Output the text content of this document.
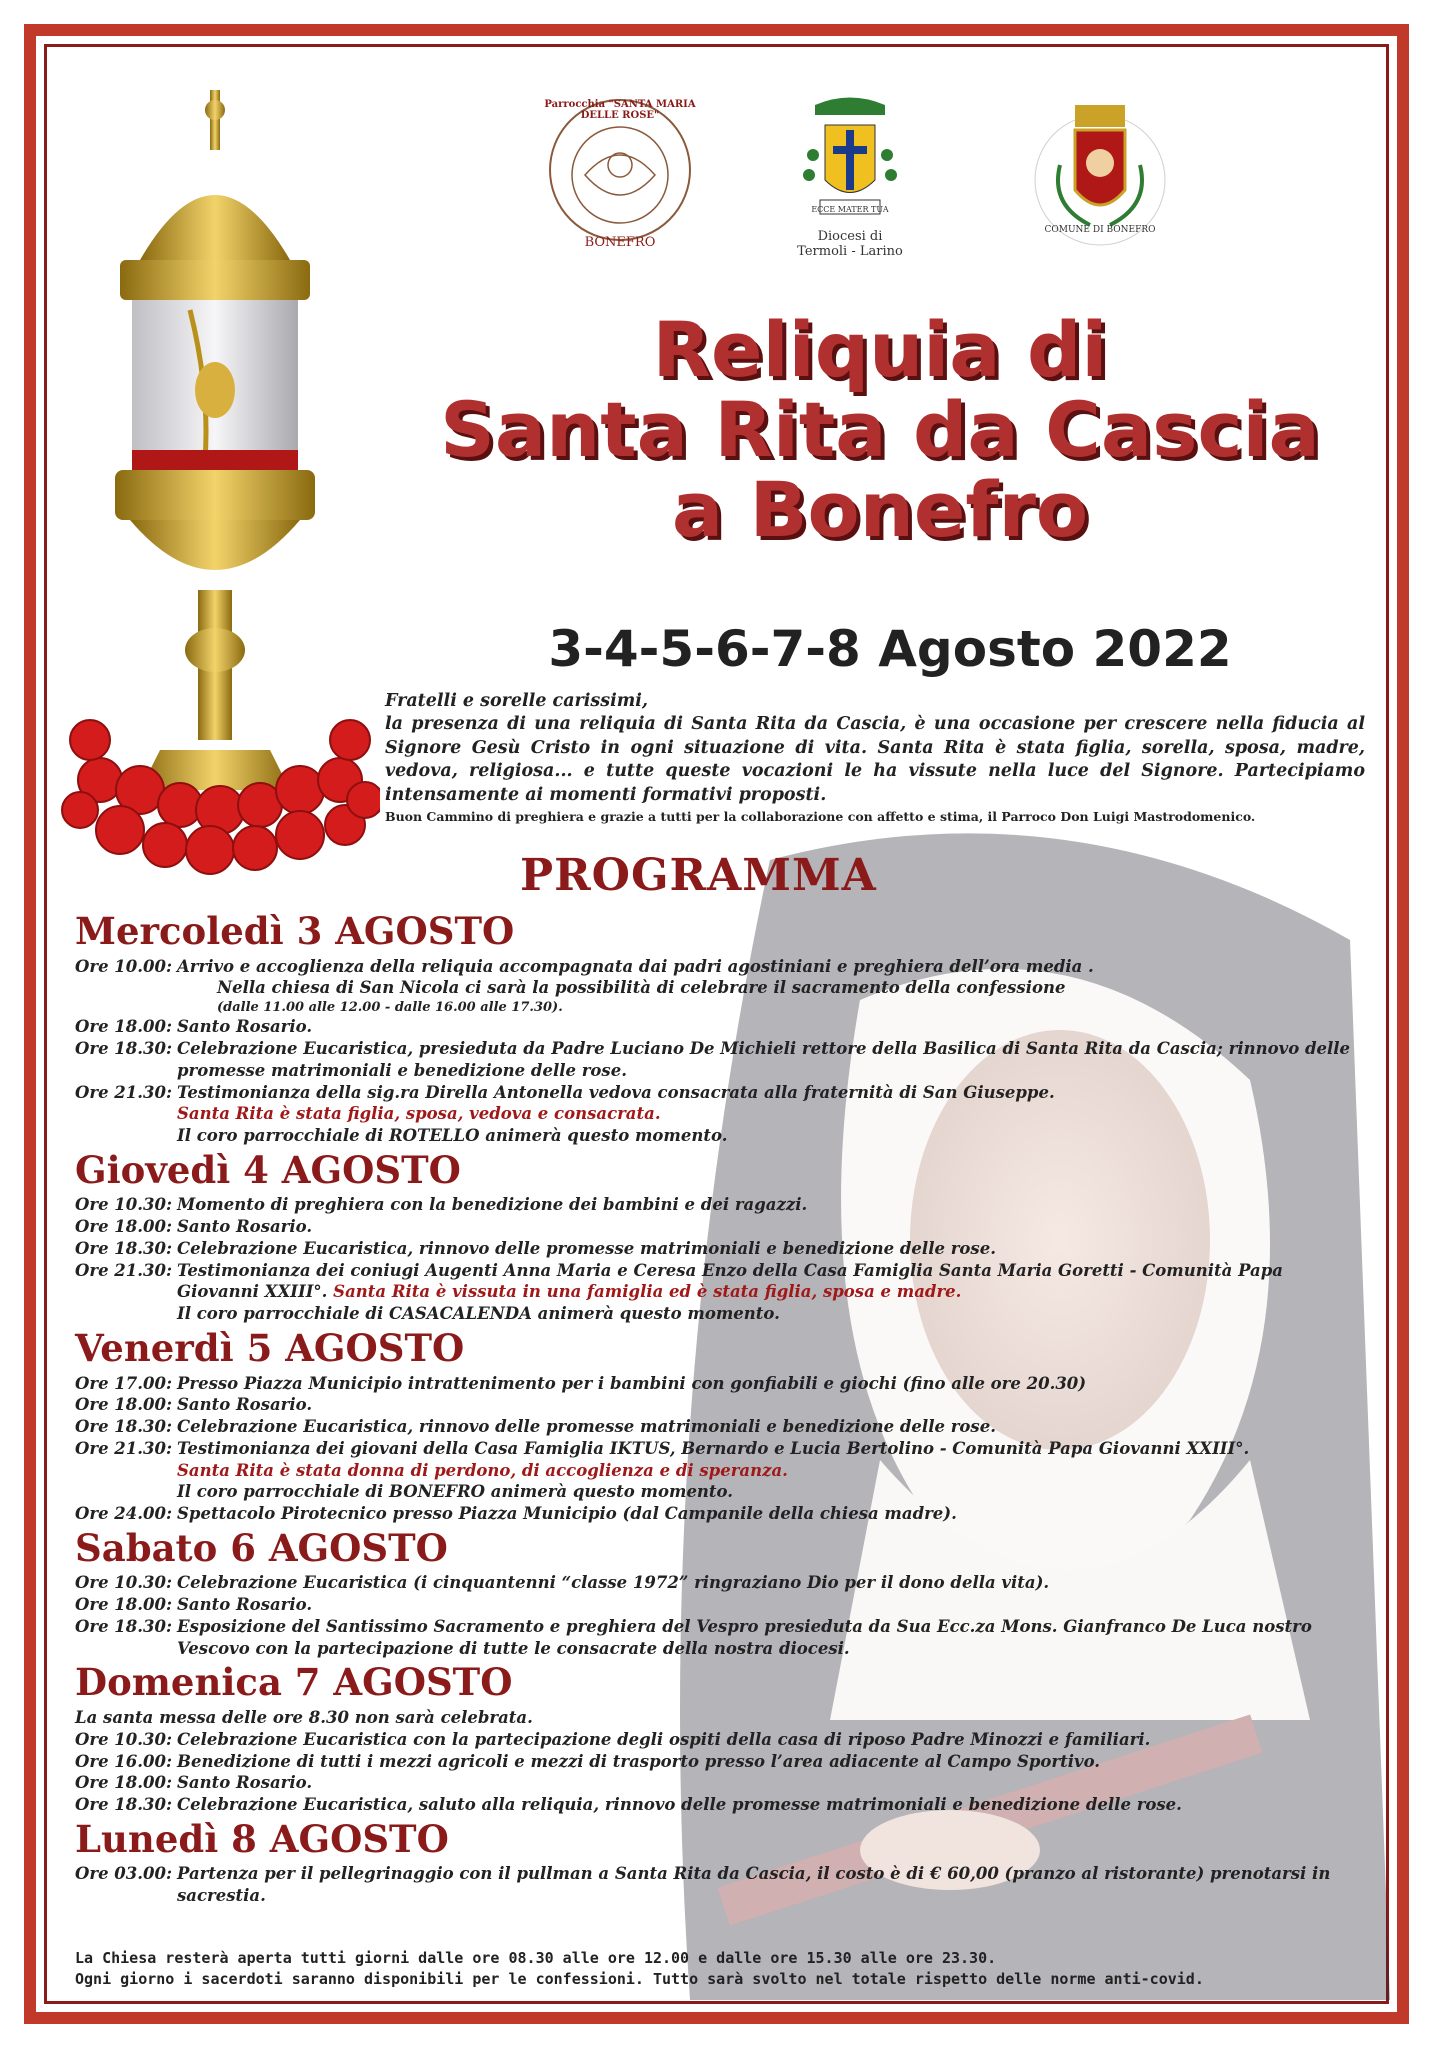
Parrocchia "SANTA MARIA DELLE ROSE"
BONEFRO
ECCE MATER TUA
Diocesi di
Termoli - Larino
COMUNE DI BONEFRO
Reliquia di
Santa Rita da Cascia
a Bonefro
3-4-5-6-7-8 Agosto 2022
Fratelli e sorelle carissimi,
la presenza di una reliquia di Santa Rita da Cascia, è una occasione per crescere nella fiducia al Signore Gesù Cristo in ogni situazione di vita. Santa Rita è stata figlia, sorella, sposa, madre, vedova, religiosa... e tutte queste vocazioni le ha vissute nella luce del Signore. Partecipiamo intensamente ai momenti formativi proposti.
Buon Cammino di preghiera e grazie a tutti per la collaborazione con affetto e stima, il Parroco Don Luigi Mastrodomenico.
PROGRAMMA
Mercoledì 3 AGOSTO
Ore 10.00: Arrivo e accoglienza della reliquia accompagnata dai padri agostiniani e preghiera dell’ora media .
Nella chiesa di San Nicola ci sarà la possibilità di celebrare il sacramento della confessione
(dalle 11.00 alle 12.00 - dalle 16.00 alle 17.30).
Ore 18.00: Santo Rosario.
Ore 18.30: Celebrazione Eucaristica, presieduta da Padre Luciano De Michieli rettore della Basilica di Santa Rita da Cascia; rinnovo delle promesse matrimoniali e benedizione delle rose.
Ore 21.30: Testimonianza della sig.ra Dirella Antonella vedova consacrata alla fraternità di San Giuseppe.
Santa Rita è stata figlia, sposa, vedova e consacrata.
Il coro parrocchiale di ROTELLO animerà questo momento.
Giovedì 4 AGOSTO
Ore 10.30: Momento di preghiera con la benedizione dei bambini e dei ragazzi.
Ore 18.00: Santo Rosario.
Ore 18.30: Celebrazione Eucaristica, rinnovo delle promesse matrimoniali e benedizione delle rose.
Ore 21.30: Testimonianza dei coniugi Augenti Anna Maria e Ceresa Enzo della Casa Famiglia Santa Maria Goretti - Comunità Papa Giovanni XXIII°. Santa Rita è vissuta in una famiglia ed è stata figlia, sposa e madre.
Il coro parrocchiale di CASACALENDA animerà questo momento.
Venerdì 5 AGOSTO
Ore 17.00: Presso Piazza Municipio intrattenimento per i bambini con gonfiabili e giochi (fino alle ore 20.30)
Ore 18.00: Santo Rosario.
Ore 18.30: Celebrazione Eucaristica, rinnovo delle promesse matrimoniali e benedizione delle rose.
Ore 21.30: Testimonianza dei giovani della Casa Famiglia IKTUS, Bernardo e Lucia Bertolino - Comunità Papa Giovanni XXIII°.
Santa Rita è stata donna di perdono, di accoglienza e di speranza.
Il coro parrocchiale di BONEFRO animerà questo momento.
Ore 24.00: Spettacolo Pirotecnico presso Piazza Municipio (dal Campanile della chiesa madre).
Sabato 6 AGOSTO
Ore 10.30: Celebrazione Eucaristica (i cinquantenni “classe 1972” ringraziano Dio per il dono della vita).
Ore 18.00: Santo Rosario.
Ore 18.30: Esposizione del Santissimo Sacramento e preghiera del Vespro presieduta da Sua Ecc.za Mons. Gianfranco De Luca nostro Vescovo con la partecipazione di tutte le consacrate della nostra diocesi.
Domenica 7 AGOSTO
La santa messa delle ore 8.30 non sarà celebrata.
Ore 10.30: Celebrazione Eucaristica con la partecipazione degli ospiti della casa di riposo Padre Minozzi e familiari.
Ore 16.00: Benedizione di tutti i mezzi agricoli e mezzi di trasporto presso l’area adiacente al Campo Sportivo.
Ore 18.00: Santo Rosario.
Ore 18.30: Celebrazione Eucaristica, saluto alla reliquia, rinnovo delle promesse matrimoniali e benedizione delle rose.
Lunedì 8 AGOSTO
Ore 03.00: Partenza per il pellegrinaggio con il pullman a Santa Rita da Cascia, il costo è di € 60,00 (pranzo al ristorante) prenotarsi in sacrestia.
La Chiesa resterà aperta tutti giorni dalle ore 08.30 alle ore 12.00 e dalle ore 15.30 alle ore 23.30.
Ogni giorno i sacerdoti saranno disponibili per le confessioni. Tutto sarà svolto nel totale rispetto delle norme anti-covid.
